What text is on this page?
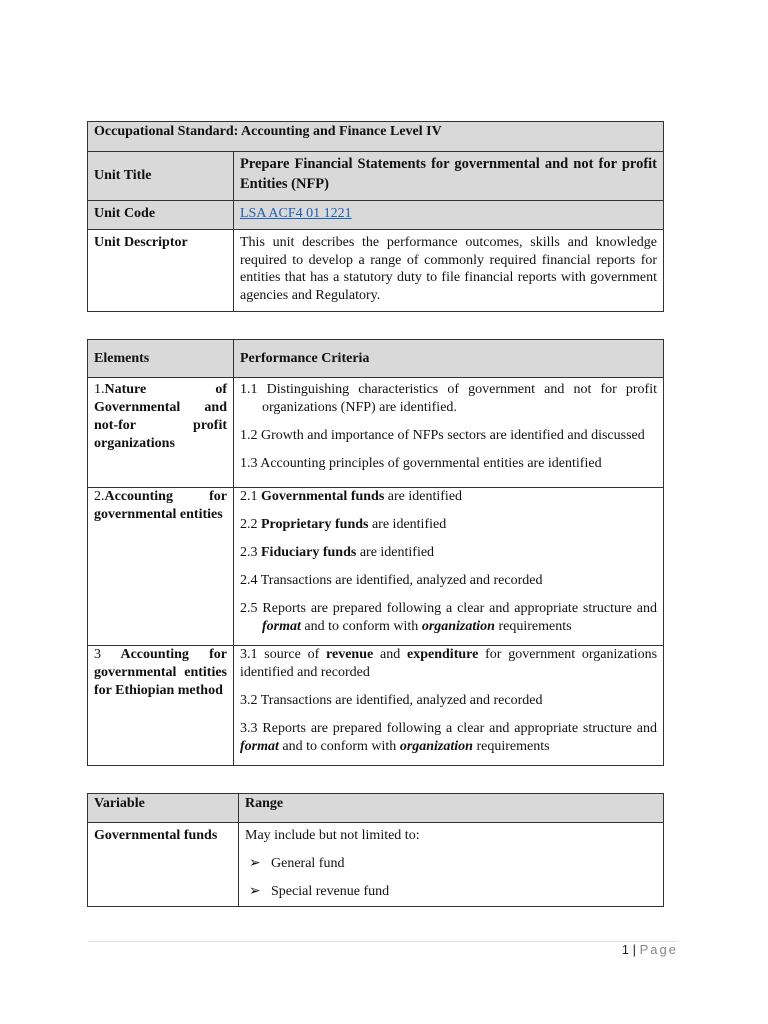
Occupational Standard: Accounting and Finance Level IV	
Unit Title	Prepare Financial Statements for governmental and not for profit Entities (NFP)
Unit Code	LSA ACF4 01 1221
Unit Descriptor	This unit describes the performance outcomes, skills and knowledge required to develop a range of commonly required financial reports for entities that has a statutory duty to file financial reports with government agencies and Regulatory.
Elements	Performance Criteria
1.Nature of Governmental and not-for profit organizations	1.1 Distinguishing characteristics of government and not for profit organizations (NFP) are identified.

1.2 Growth and importance of NFPs sectors are identified and discussed

1.3 Accounting principles of governmental entities are identified

2.Accounting for governmental entities	2.1 Governmental funds are identified

2.2 Proprietary funds are identified

2.3 Fiduciary funds are identified

2.4 Transactions are identified, analyzed and recorded

2.5 Reports are prepared following a clear and appropriate structure and format and to conform with organization requirements

3 Accounting for governmental entities for Ethiopian method	3.1 source of revenue and expenditure for government organizations identified and recorded

3.2 Transactions are identified, analyzed and recorded

3.3 Reports are prepared following a clear and appropriate structure and format and to conform with organization requirements

Variable	Range
Governmental funds	May include but not limited to:
➢ General fund
➢ Special revenue fund
1 | Page
